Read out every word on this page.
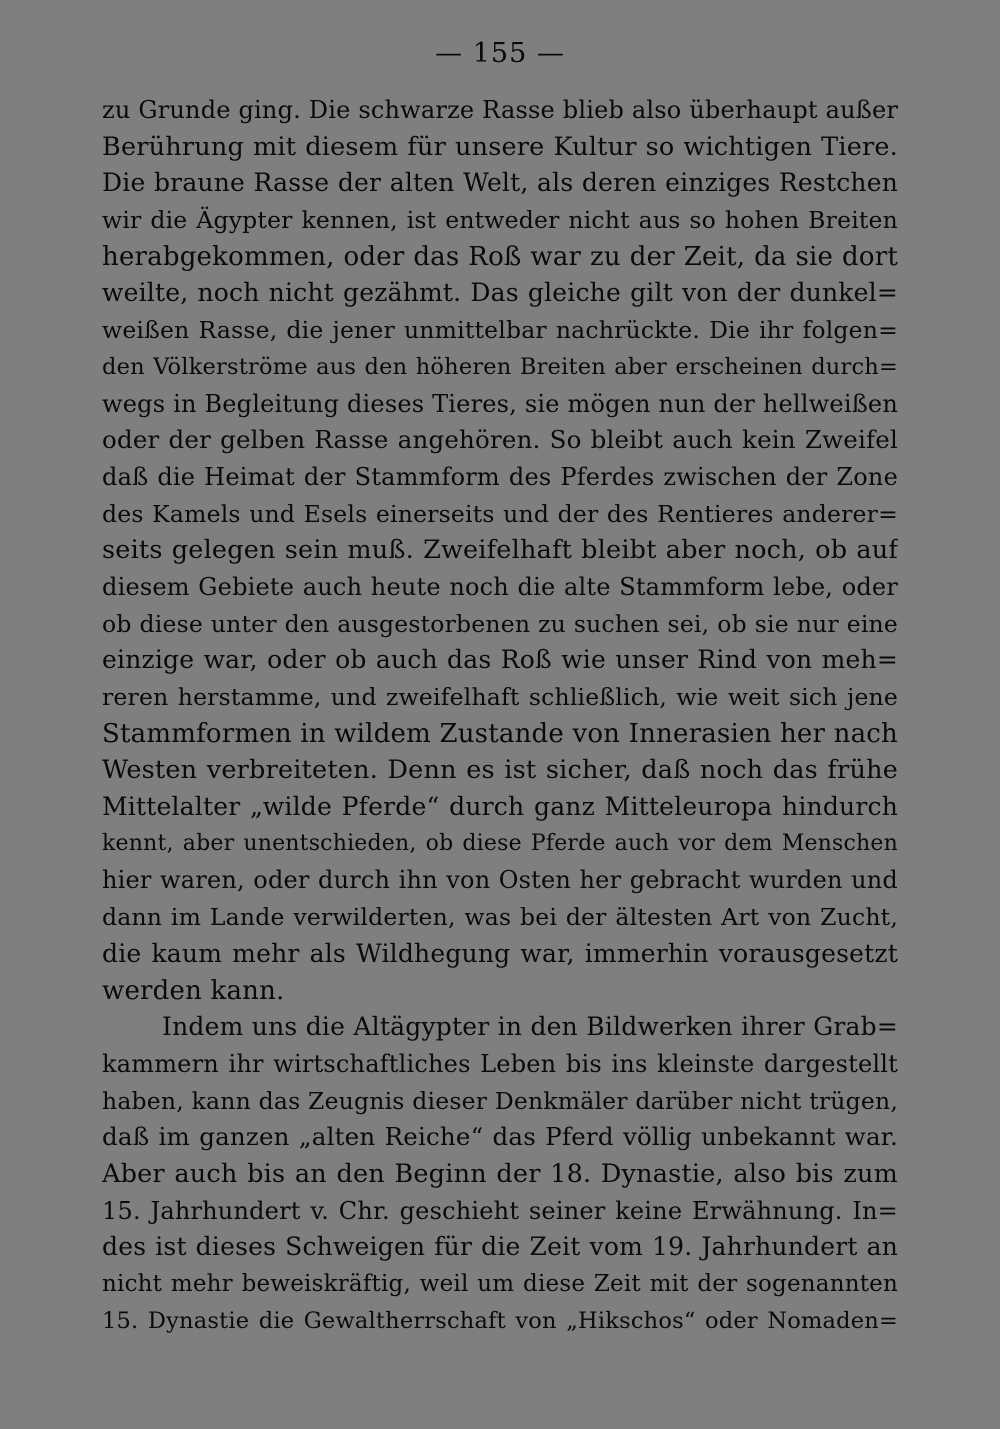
— 155 —
zu Grunde ging. Die schwarze Rasse blieb also überhaupt außer
Berührung mit diesem für unsere Kultur so wichtigen Tiere.
Die braune Rasse der alten Welt, als deren einziges Restchen
wir die Ägypter kennen, ist entweder nicht aus so hohen Breiten
herabgekommen, oder das Roß war zu der Zeit, da sie dort
weilte, noch nicht gezähmt. Das gleiche gilt von der dunkel=
weißen Rasse, die jener unmittelbar nachrückte. Die ihr folgen=
den Völkerströme aus den höheren Breiten aber erscheinen durch=
wegs in Begleitung dieses Tieres, sie mögen nun der hellweißen
oder der gelben Rasse angehören. So bleibt auch kein Zweifel
daß die Heimat der Stammform des Pferdes zwischen der Zone
des Kamels und Esels einerseits und der des Rentieres anderer=
seits gelegen sein muß. Zweifelhaft bleibt aber noch, ob auf
diesem Gebiete auch heute noch die alte Stammform lebe, oder
ob diese unter den ausgestorbenen zu suchen sei, ob sie nur eine
einzige war, oder ob auch das Roß wie unser Rind von meh=
reren herstamme, und zweifelhaft schließlich, wie weit sich jene
Stammformen in wildem Zustande von Innerasien her nach
Westen verbreiteten. Denn es ist sicher, daß noch das frühe
Mittelalter „wilde Pferde“ durch ganz Mitteleuropa hindurch
kennt, aber unentschieden, ob diese Pferde auch vor dem Menschen
hier waren, oder durch ihn von Osten her gebracht wurden und
dann im Lande verwilderten, was bei der ältesten Art von Zucht,
die kaum mehr als Wildhegung war, immerhin vorausgesetzt
werden kann.
Indem uns die Altägypter in den Bildwerken ihrer Grab=
kammern ihr wirtschaftliches Leben bis ins kleinste dargestellt
haben, kann das Zeugnis dieser Denkmäler darüber nicht trügen,
daß im ganzen „alten Reiche“ das Pferd völlig unbekannt war.
Aber auch bis an den Beginn der 18. Dynastie, also bis zum
15. Jahrhundert v. Chr. geschieht seiner keine Erwähnung. In=
des ist dieses Schweigen für die Zeit vom 19. Jahrhundert an
nicht mehr beweiskräftig, weil um diese Zeit mit der sogenannten
15. Dynastie die Gewaltherrschaft von „Hikschos“ oder Nomaden=
